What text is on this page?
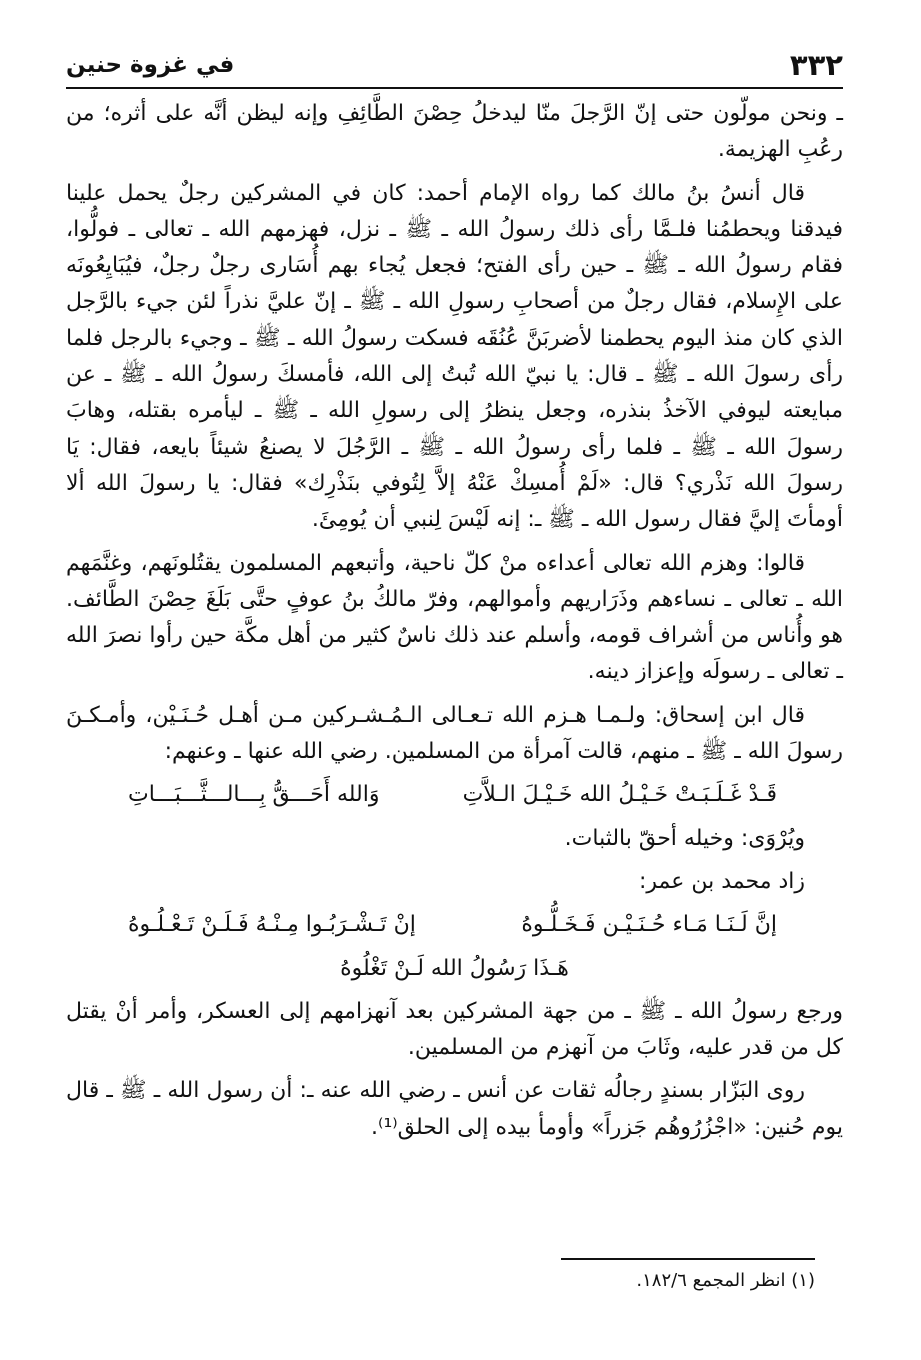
٣٣٢
في غزوة حنين

ـ ونحن مولّون حتى إنّ الرَّجلَ منّا ليدخلُ حِصْنَ الطَّائِفِ وإنه ليظن أنَّه على أثره؛ من رعُبِ الهزيمة.

قال أنسُ بنُ مالك كما رواه الإمام أحمد: كان في المشركين رجلٌ يحمل علينا فيدقنا ويحطمُنا فلـمَّا رأى ذلك رسولُ الله ـ ﷺ ـ نزل، فهزمهم الله ـ تعالى ـ فولُّوا، فقام رسولُ الله ـ ﷺ ـ حين رأى الفتح؛ فجعل يُجاء بهم أُسَارى رجلٌ رجلٌ، فيُبَايِعُونَه على الإِسلام، فقال رجلٌ من أصحابِ رسولِ الله ـ ﷺ ـ إنّ عليَّ نذراً لئن جيء بالرَّجل الذي كان منذ اليوم يحطمنا لأضربَنَّ عُنُقَه فسكت رسولُ الله ـ ﷺ ـ وجيء بالرجل فلما رأى رسولَ الله ـ ﷺ ـ قال: يا نبيّ الله تُبتُ إلى الله، فأمسكَ رسولُ الله ـ ﷺ ـ عن مبايعته ليوفي الآخذُ بنذره، وجعل ينظرُ إلى رسولِ الله ـ ﷺ ـ ليأمره بقتله، وهابَ رسولَ الله ـ ﷺ ـ فلما رأى رسولُ الله ـ ﷺ ـ الرَّجُلَ لا يصنعُ شيئاً بايعه، فقال: يَا رسولَ الله نَذْري؟ قال: «لَمْ أُمسِكْ عَنْهُ إلاَّ لِتُوفي بنَذْرِك» فقال: يا رسولَ الله ألا أومأتَ إليَّ فقال رسول الله ـ ﷺ ـ: إنه لَيْسَ لِنبي أن يُومِئَ.

قالوا: وهزم الله تعالى أعداءه منْ كلّ ناحية، وأتبعهم المسلمون يقتُلونَهم، وغنَّمَهم الله ـ تعالى ـ نساءهم وذَرَاريهم وأموالهم، وفرّ مالكُ بنُ عوفٍ حتَّى بَلَغَ حِصْنَ الطَّائف. هو وأُناس من أشراف قومه، وأسلم عند ذلك ناسٌ كثير من أهل مكَّة حين رأوا نصرَ الله ـ تعالى ـ رسولَه وإعزاز دينه.

قال ابن إسحاق: ولـمـا هـزم الله تـعـالى الـمُـشـركين مـن أهـل حُـنَـيْن، وأمـكـنَ رسولَ الله ـ ﷺ ـ منهم، قالت آمرأة من المسلمين. رضي الله عنها ـ وعنهم:

قَـدْ غَـلَـبَـتْ خَـيْـلُ الله خَـيْـلَ الـلاَّتِ
وَالله أَحَـــقُّ بِـــالـــثَّـــبَـــاتِ

ويُرْوَى: وخيله أحقّ بالثبات.

زاد محمد بن عمر:

إنَّ لَـنَـا مَـاء حُـنَـيْـن فَـخَـلُّـوهُ
إنْ تَـشْـرَبُـوا مِـنْـهُ فَـلَـنْ تَـعْـلُـوهُ
هَـذَا رَسُولُ الله لَـنْ تَغْلُوهُ

ورجع رسولُ الله ـ ﷺ ـ من جهة المشركين بعد آنهزامهم إلى العسكر، وأمر أنْ يقتل كل من قدر عليه، وثَابَ من آنهزم من المسلمين.

روى البَزّار بسندٍ رجالُه ثقات عن أنس ـ رضي الله عنه ـ: أن رسول الله ـ ﷺ ـ قال يوم حُنين: «اجْزُرُوهُم جَزراً» وأومأ بيده إلى الحلق⁽¹⁾.

(١) انظر المجمع ١٨٢/٦.
